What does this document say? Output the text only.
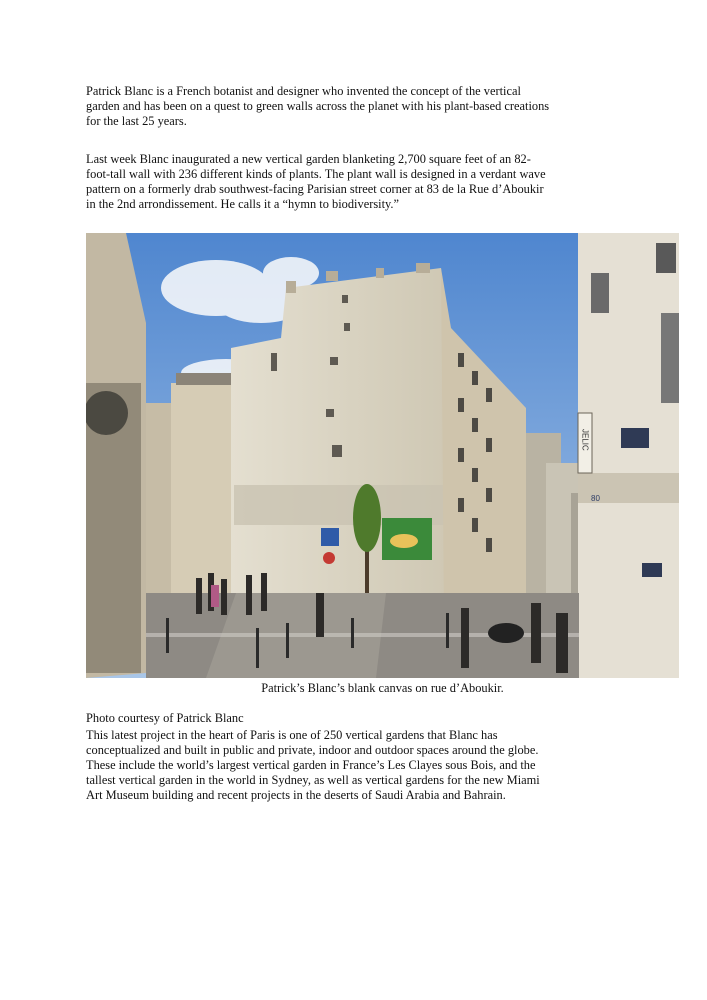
Patrick Blanc is a French botanist and designer who invented the concept of the vertical
garden and has been on a quest to green walls across the planet with his plant-based creations
for the last 25 years.
Last week Blanc inaugurated a new vertical garden blanketing 2,700 square feet of an 82-
foot-tall wall with 236 different kinds of plants. The plant wall is designed in a verdant wave
pattern on a formerly drab southwest-facing Parisian street corner at 83 de la Rue d’Aboukir
in the 2nd arrondissement. He calls it a “hymn to biodiversity.”
JELIC
80

Patrick’s Blanc’s blank canvas on rue d’Aboukir.

Photo courtesy of Patrick Blanc

This latest project in the heart of Paris is one of 250 vertical gardens that Blanc has
conceptualized and built in public and private, indoor and outdoor spaces around the globe.
These include the world’s largest vertical garden in France’s Les Clayes sous Bois, and the
tallest vertical garden in the world in Sydney, as well as vertical gardens for the new Miami
Art Museum building and recent projects in the deserts of Saudi Arabia and Bahrain.
